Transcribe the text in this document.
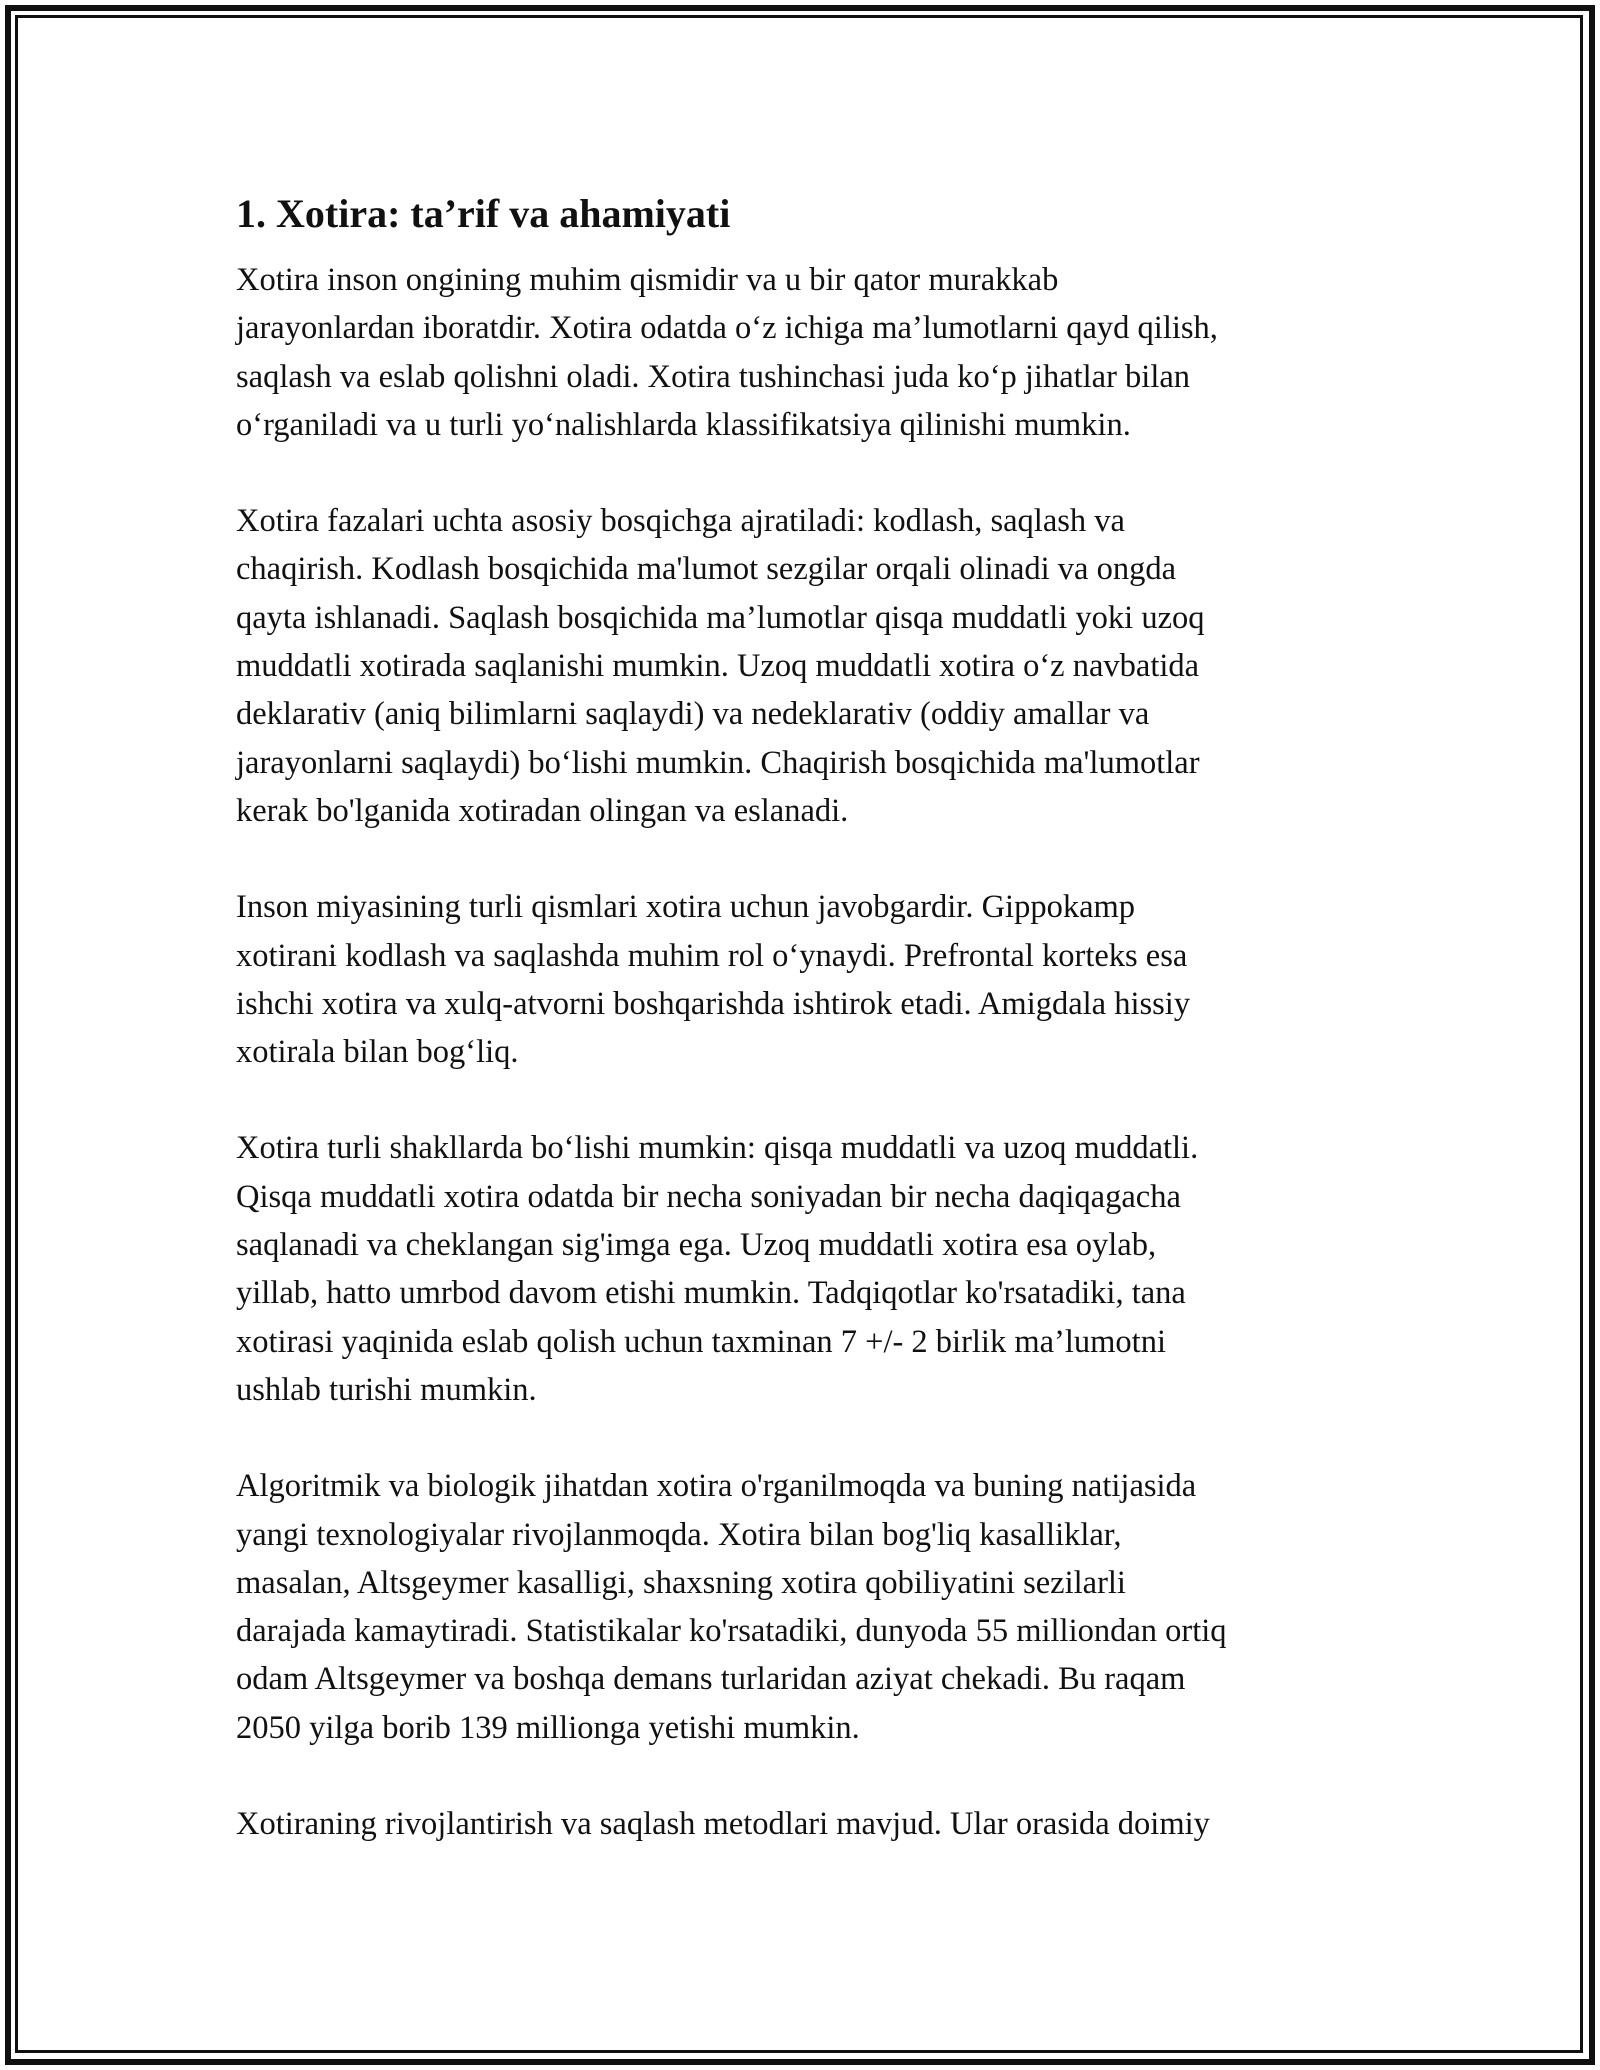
1. Xotira: ta’rif va ahamiyati

Xotira inson ongining muhim qismidir va u bir qator murakkab
jarayonlardan iboratdir. Xotira odatda o‘z ichiga ma’lumotlarni qayd qilish,
saqlash va eslab qolishni oladi. Xotira tushinchasi juda ko‘p jihatlar bilan
o‘rganiladi va u turli yo‘nalishlarda klassifikatsiya qilinishi mumkin.

Xotira fazalari uchta asosiy bosqichga ajratiladi: kodlash, saqlash va
chaqirish. Kodlash bosqichida ma'lumot sezgilar orqali olinadi va ongda
qayta ishlanadi. Saqlash bosqichida ma’lumotlar qisqa muddatli yoki uzoq
muddatli xotirada saqlanishi mumkin. Uzoq muddatli xotira o‘z navbatida
deklarativ (aniq bilimlarni saqlaydi) va nedeklarativ (oddiy amallar va
jarayonlarni saqlaydi) bo‘lishi mumkin. Chaqirish bosqichida ma'lumotlar
kerak bo'lganida xotiradan olingan va eslanadi.

Inson miyasining turli qismlari xotira uchun javobgardir. Gippokamp
xotirani kodlash va saqlashda muhim rol o‘ynaydi. Prefrontal korteks esa
ishchi xotira va xulq-atvorni boshqarishda ishtirok etadi. Amigdala hissiy
xotirala bilan bog‘liq.

Xotira turli shakllarda bo‘lishi mumkin: qisqa muddatli va uzoq muddatli.
Qisqa muddatli xotira odatda bir necha soniyadan bir necha daqiqagacha
saqlanadi va cheklangan sig'imga ega. Uzoq muddatli xotira esa oylab,
yillab, hatto umrbod davom etishi mumkin. Tadqiqotlar ko'rsatadiki, tana
xotirasi yaqinida eslab qolish uchun taxminan 7 +/- 2 birlik ma’lumotni
ushlab turishi mumkin.

Algoritmik va biologik jihatdan xotira o'rganilmoqda va buning natijasida
yangi texnologiyalar rivojlanmoqda. Xotira bilan bog'liq kasalliklar,
masalan, Altsgeymer kasalligi, shaxsning xotira qobiliyatini sezilarli
darajada kamaytiradi. Statistikalar ko'rsatadiki, dunyoda 55 milliondan ortiq
odam Altsgeymer va boshqa demans turlaridan aziyat chekadi. Bu raqam
2050 yilga borib 139 millionga yetishi mumkin.

Xotiraning rivojlantirish va saqlash metodlari mavjud. Ular orasida doimiy
